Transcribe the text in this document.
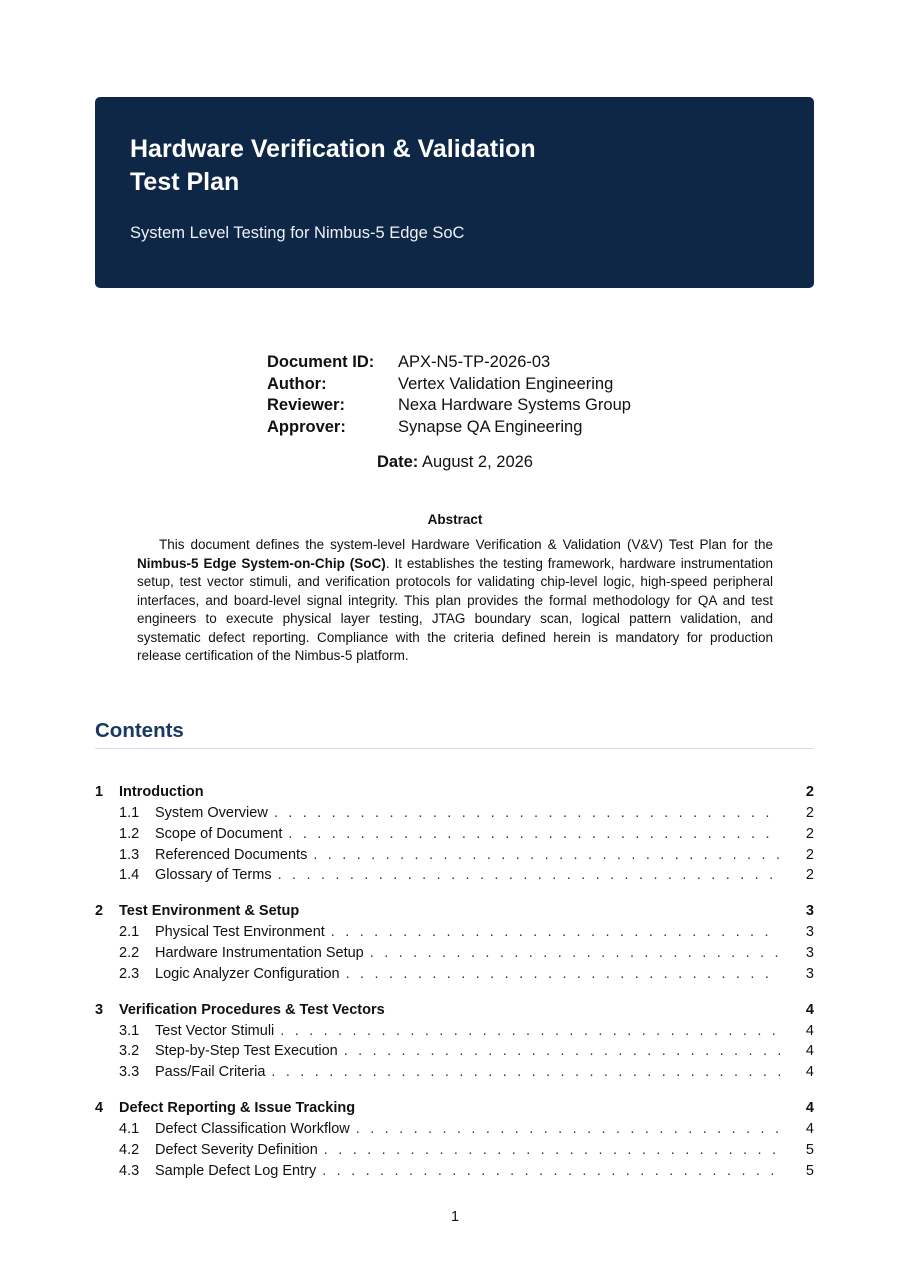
Hardware Verification & Validation
Test Plan
System Level Testing for Nimbus-5 Edge SoC
Document ID:	APX-N5-TP-2026-03
Author:	Vertex Validation Engineering
Reviewer:	Nexa Hardware Systems Group
Approver:	Synapse QA Engineering
Date: August 2, 2026
Abstract
This document defines the system-level Hardware Verification & Validation (V&V) Test Plan for the Nimbus-5 Edge System-on-Chip (SoC). It establishes the testing framework, hardware instrumentation setup, test vector stimuli, and verification protocols for validating chip-level logic, high-speed peripheral interfaces, and board-level signal integrity. This plan provides the formal methodology for QA and test engineers to execute physical layer testing, JTAG boundary scan, logical pattern validation, and systematic defect reporting. Compliance with the criteria defined herein is mandatory for production release certification of the Nimbus-5 platform.
Contents
1	Introduction	2
1.1	System Overview . . .	2
1.2	Scope of Document . . .	2
1.3	Referenced Documents . . .	2
1.4	Glossary of Terms . . .	2
2	Test Environment & Setup	3
2.1	Physical Test Environment . . .	3
2.2	Hardware Instrumentation Setup . . .	3
2.3	Logic Analyzer Configuration . . .	3
3	Verification Procedures & Test Vectors	4
3.1	Test Vector Stimuli . . .	4
3.2	Step-by-Step Test Execution . . .	4
3.3	Pass/Fail Criteria . . .	4
4	Defect Reporting & Issue Tracking	4
4.1	Defect Classification Workflow . . .	4
4.2	Defect Severity Definition . . .	5
4.3	Sample Defect Log Entry . . .	5
1
